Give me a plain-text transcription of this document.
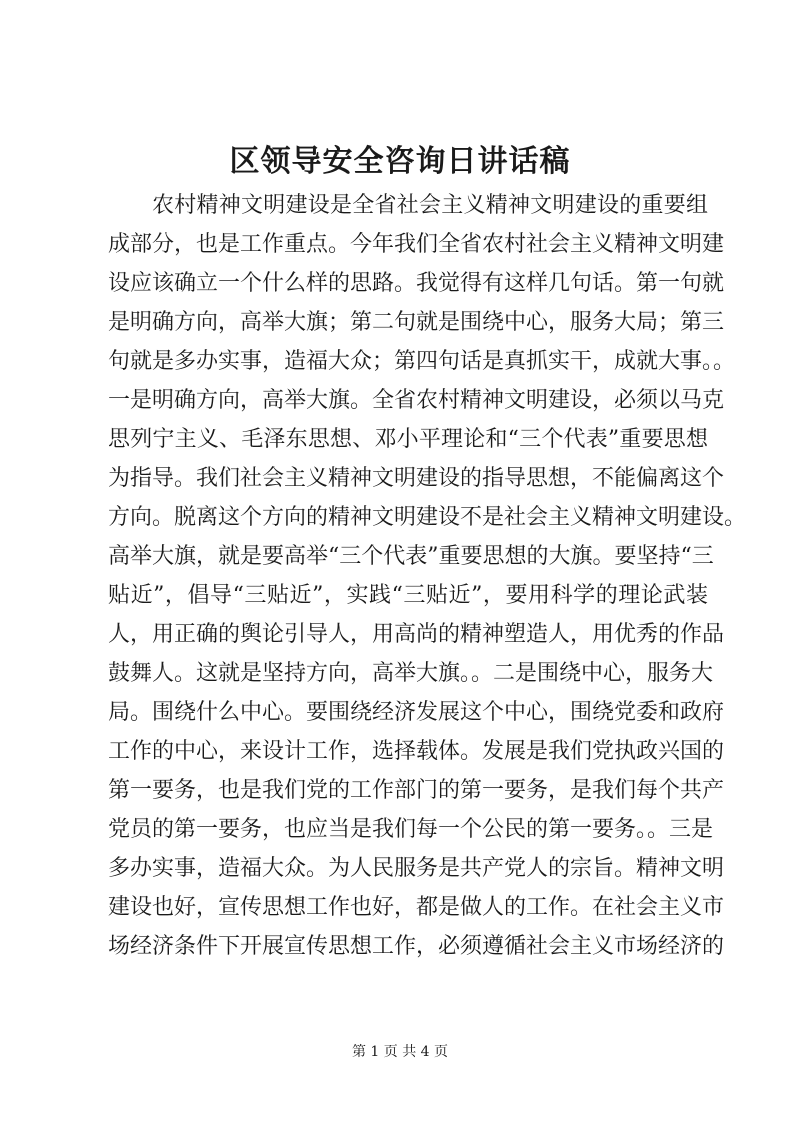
区领导安全咨询日讲话稿
农村精神文明建设是全省社会主义精神文明建设的重要组
成部分，也是工作重点。今年我们全省农村社会主义精神文明建
设应该确立一个什么样的思路。我觉得有这样几句话。第一句就
是明确方向，高举大旗；第二句就是围绕中心，服务大局；第三
句就是多办实事，造福大众；第四句话是真抓实干，成就大事。。
一是明确方向，高举大旗。全省农村精神文明建设，必须以马克
思列宁主义、毛泽东思想、邓小平理论和“三个代表”重要思想
为指导。我们社会主义精神文明建设的指导思想，不能偏离这个
方向。脱离这个方向的精神文明建设不是社会主义精神文明建设。
高举大旗，就是要高举“三个代表”重要思想的大旗。要坚持“三
贴近”，倡导“三贴近”，实践“三贴近”，要用科学的理论武装
人，用正确的舆论引导人，用高尚的精神塑造人，用优秀的作品
鼓舞人。这就是坚持方向，高举大旗。。二是围绕中心，服务大
局。围绕什么中心。要围绕经济发展这个中心，围绕党委和政府
工作的中心，来设计工作，选择载体。发展是我们党执政兴国的
第一要务，也是我们党的工作部门的第一要务，是我们每个共产
党员的第一要务，也应当是我们每一个公民的第一要务。。三是
多办实事，造福大众。为人民服务是共产党人的宗旨。精神文明
建设也好，宣传思想工作也好，都是做人的工作。在社会主义市
场经济条件下开展宣传思想工作，必须遵循社会主义市场经济的
第 1 页 共 4 页
